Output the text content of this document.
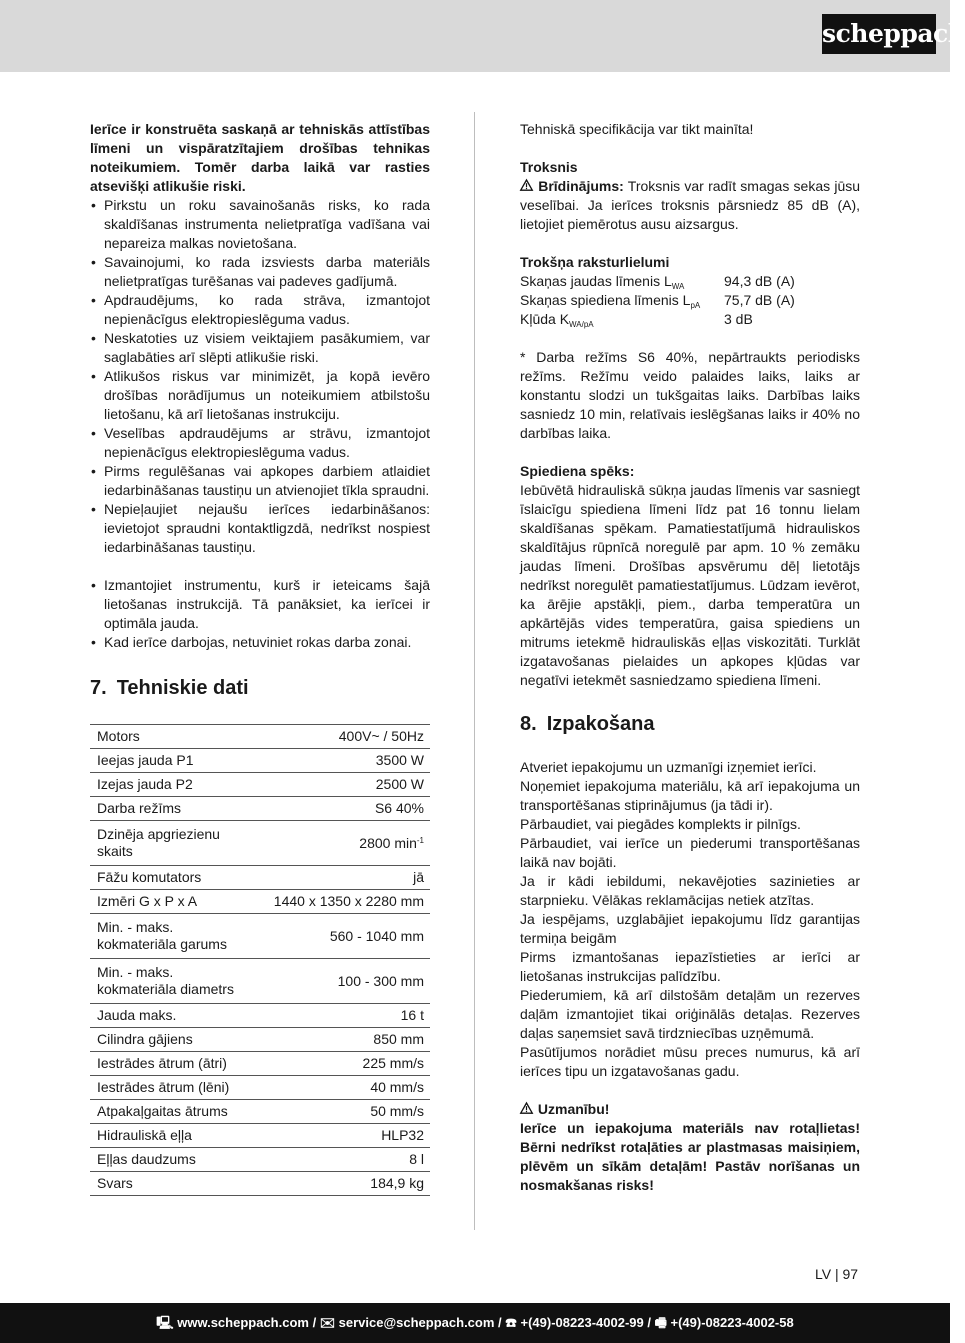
scheppach

Ierīce ir konstruēta saskaņā ar tehniskās attīstības līmeni un vispāratzītajiem drošības tehnikas noteikumiem. Tomēr darba laikā var rasties atsevišķi atlikušie riski.

• Pirkstu un roku savainošanās risks, ko rada skaldīšanas instrumenta nelietpratīga vadīšana vai nepareiza malkas novietošana.
• Savainojumi, ko rada izsviests darba materiāls nelietpratīgas turēšanas vai padeves gadījumā.
• Apdraudējums, ko rada strāva, izmantojot nepienācīgus elektropieslēguma vadus.
• Neskatoties uz visiem veiktajiem pasākumiem, var saglabāties arī slēpti atlikušie riski.
• Atlikušos riskus var minimizēt, ja kopā ievēro drošības norādījumus un noteikumiem atbilstošu lietošanu, kā arī lietošanas instrukciju.
• Veselības apdraudējums ar strāvu, izmantojot nepienācīgus elektropieslēguma vadus.
• Pirms regulēšanas vai apkopes darbiem atlaidiet iedarbināšanas taustiņu un atvienojiet tīkla spraudni.
• Nepieļaujiet nejaušu ierīces iedarbināšanos: ievietojot spraudni kontaktligzdā, nedrīkst nospiest iedarbināšanas taustiņu.
• Izmantojiet instrumentu, kurš ir ieteicams šajā lietošanas instrukcijā. Tā panāksiet, ka ierīcei ir optimāla jauda.
• Kad ierīce darbojas, netuviniet rokas darba zonai.
7. Tehniskie dati
Motors	400V~ / 50Hz
Ieejas jauda P1	3500 W
Izejas jauda P2	2500 W
Darba režīms	S6 40%
Dzinēja apgriezienu skaits	2800 $\min^{-1}$
Fāžu komutators	jā
Izmēri G x P x A	1440 x 1350 x 2280 mm
Min. - maks. kokmateriāla garums	560 - 1040 mm
Min. - maks. kokmateriāla diametrs	100 - 300 mm
Jauda maks.	16 t
Cilindra gājiens	850 mm
Iestrādes ātrum (ātri)	225 mm/s
Iestrādes ātrum (lēni)	40 mm/s
Atpakaļgaitas ātrums	50 mm/s
Hidrauliskā eļļa	HLP32
Eļļas daudzums	8 l
Svars	184,9 kg

Tehniskā specifikācija var tikt mainīta!

Troksnis

Brīdinājums: Troksnis var radīt smagas sekas jūsu veselībai. Ja ierīces troksnis pārsniedz 85 dB (A), lietojiet piemērotus ausu aizsargus.

Trokšņa raksturlielumi

Skaņas jaudas līmenis $L_{WA}$	94,3 dB (A)
Skaņas spiediena līmenis $L_{pA}$	75,7 dB (A)
Kļūda $K_{WA/pA}$	3 dB

* Darba režīms S6 40%, nepārtraukts periodisks režīms. Režīmu veido palaides laiks, laiks ar konstantu slodzi un tukšgaitas laiks. Darbības laiks sasniedz 10 min, relatīvais ieslēgšanas laiks ir 40% no darbības laika.

Spiediena spēks:

Iebūvētā hidrauliskā sūkņa jaudas līmenis var sasniegt īslaicīgu spiediena līmeni līdz pat 16 tonnu lielam skaldīšanas spēkam. Pamatiestatījumā hidrauliskos skaldītājus rūpnīcā noregulē par apm. 10 % zemāku jaudas līmeni. Drošības apsvērumu dēļ lietotājs nedrīkst noregulēt pamatiestatījumus. Lūdzam ievērot, ka ārējie apstākļi, piem., darba temperatūra un apkārtējās vides temperatūra, gaisa spiediens un mitrums ietekmē hidrauliskās eļļas viskozitāti. Turklāt izgatavošanas pielaides un apkopes kļūdas var negatīvi ietekmēt sasniedzamo spiediena līmeni.

8. Izpakošana

Atveriet iepakojumu un uzmanīgi izņemiet ierīci.

Noņemiet iepakojuma materiālu, kā arī iepakojuma un transportēšanas stiprinājumus (ja tādi ir).

Pārbaudiet, vai piegādes komplekts ir pilnīgs.

Pārbaudiet, vai ierīce un piederumi transportēšanas laikā nav bojāti.

Ja ir kādi iebildumi, nekavējoties sazinieties ar starpnieku. Vēlākas reklamācijas netiek atzītas.

Ja iespējams, uzglabājiet iepakojumu līdz garantijas termiņa beigām

Pirms izmantošanas iepazīstieties ar ierīci ar lietošanas instrukcijas palīdzību.

Piederumiem, kā arī dilstošām detaļām un rezerves daļām izmantojiet tikai oriģinālās detaļas. Rezerves daļas saņemsiet savā tirdzniecības uzņēmumā.

Pasūtījumos norādiet mūsu preces numurus, kā arī ierīces tipu un izgatavošanas gadu.

Uzmanību!

Ierīce un iepakojuma materiāls nav rotaļlietas! Bērni nedrīkst rotaļāties ar plastmasas maisiņiem, plēvēm un sīkām detaļām! Pastāv norīšanas un nosmakšanas risks!

LV | 97
🖳 www.scheppach.com / ✉ service@scheppach.com / ☎ +(49)-08223-4002-99 / 🖷 +(49)-08223-4002-58
